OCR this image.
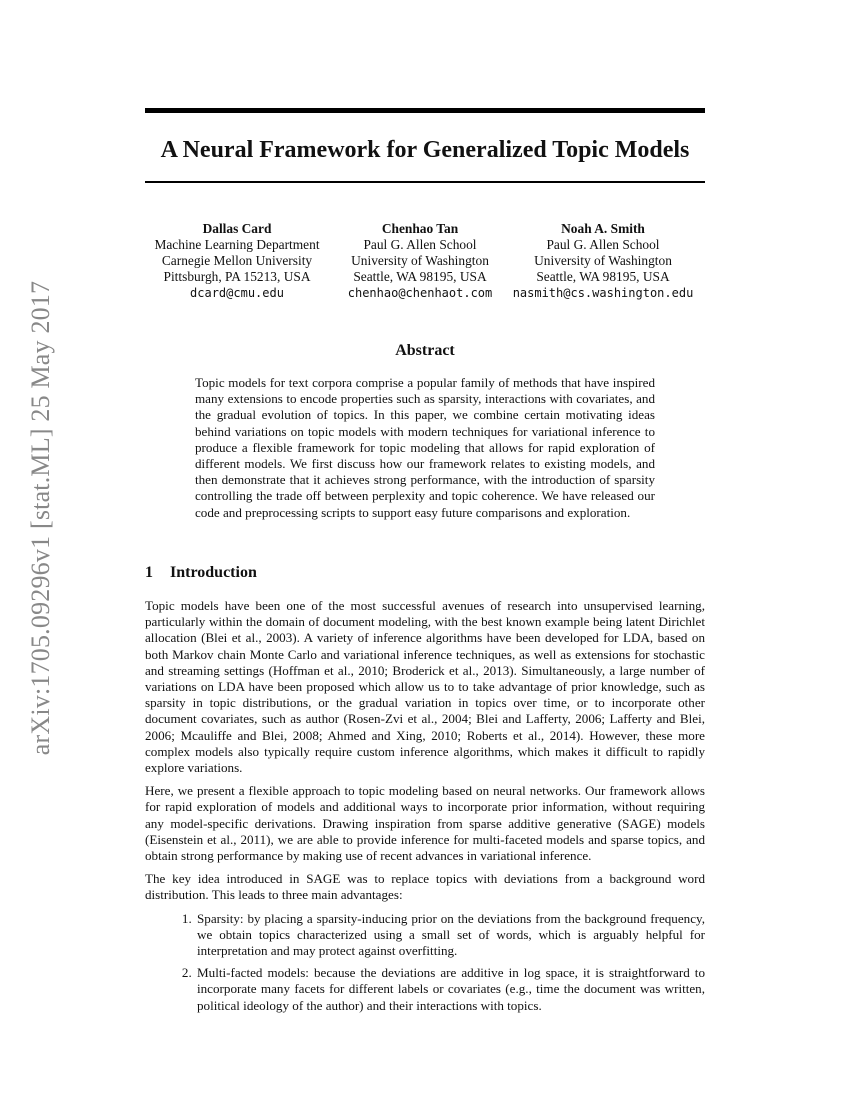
arXiv:1705.09296v1 [stat.ML] 25 May 2017
A Neural Framework for Generalized Topic Models
Dallas Card
Machine Learning Department
Carnegie Mellon University
Pittsburgh, PA 15213, USA
dcard@cmu.edu
Chenhao Tan
Paul G. Allen School
University of Washington
Seattle, WA 98195, USA
chenhao@chenhaot.com
Noah A. Smith
Paul G. Allen School
University of Washington
Seattle, WA 98195, USA
nasmith@cs.washington.edu
Abstract

Topic models for text corpora comprise a popular family of methods that have inspired many extensions to encode properties such as sparsity, interactions with covariates, and the gradual evolution of topics. In this paper, we combine certain motivating ideas behind variations on topic models with modern techniques for variational inference to produce a flexible framework for topic modeling that allows for rapid exploration of different models. We first discuss how our framework relates to existing models, and then demonstrate that it achieves strong performance, with the introduction of sparsity controlling the trade off between perplexity and topic coherence. We have released our code and preprocessing scripts to support easy future comparisons and exploration.

1 Introduction

Topic models have been one of the most successful avenues of research into unsupervised learning, particularly within the domain of document modeling, with the best known example being latent Dirichlet allocation (Blei et al., 2003). A variety of inference algorithms have been developed for LDA, based on both Markov chain Monte Carlo and variational inference techniques, as well as extensions for stochastic and streaming settings (Hoffman et al., 2010; Broderick et al., 2013). Simultaneously, a large number of variations on LDA have been proposed which allow us to to take advantage of prior knowledge, such as sparsity in topic distributions, or the gradual variation in topics over time, or to incorporate other document covariates, such as author (Rosen-Zvi et al., 2004; Blei and Lafferty, 2006; Lafferty and Blei, 2006; Mcauliffe and Blei, 2008; Ahmed and Xing, 2010; Roberts et al., 2014). However, these more complex models also typically require custom inference algorithms, which makes it difficult to rapidly explore variations.

Here, we present a flexible approach to topic modeling based on neural networks. Our framework allows for rapid exploration of models and additional ways to incorporate prior information, without requiring any model-specific derivations. Drawing inspiration from sparse additive generative (SAGE) models (Eisenstein et al., 2011), we are able to provide inference for multi-faceted models and sparse topics, and obtain strong performance by making use of recent advances in variational inference.

The key idea introduced in SAGE was to replace topics with deviations from a background word distribution. This leads to three main advantages:

1. Sparsity: by placing a sparsity-inducing prior on the deviations from the background frequency, we obtain topics characterized using a small set of words, which is arguably helpful for interpretation and may protect against overfitting.
2. Multi-facted models: because the deviations are additive in log space, it is straightforward to incorporate many facets for different labels or covariates (e.g., time the document was written, political ideology of the author) and their interactions with topics.
